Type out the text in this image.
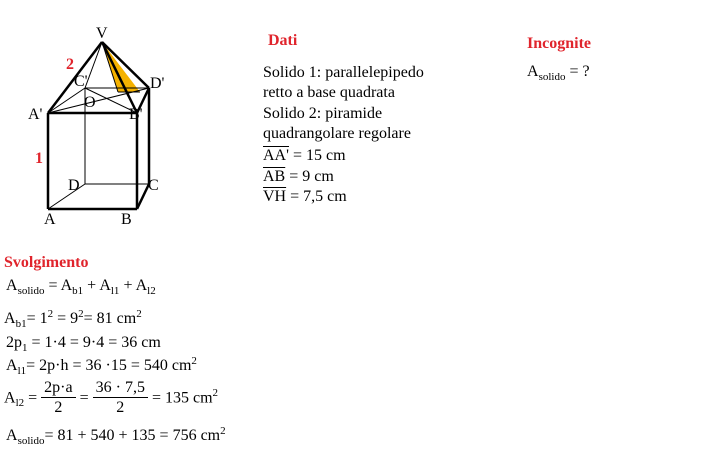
V
C'	D'
O
A'	B'
D	C
A	B
2
1
Dati
Solido 1: parallelepipedo
retto a base quadrata
Solido 2: piramide
quadrangolare regolare
AA' = 15 cm
$\overline{AB} = 9$ cm
$\overline{VH} = 7,5$ cm
Incognite
$A_{solido}$ = ?
Svolgimento
$A_{solido} = A_{b1} + A_{l1} + A_{l2}$
$A_{b1}= 1^2 = 9^2= 81$ $cm^2$
$2p_1 = 1\cdot 4 = 9\cdot 4 = 36$ cm
$A_{l1}= 2p\cdot h = 36 \cdot 15 = 540$ $cm^2$
$A_{l2} = \frac{2p\cdot a}{2} = \frac{36 \cdot 7,5}{2} = 135$ $cm^2$
$A_{solido}= 81 + 540 + 135 = 756$ $cm^2$
